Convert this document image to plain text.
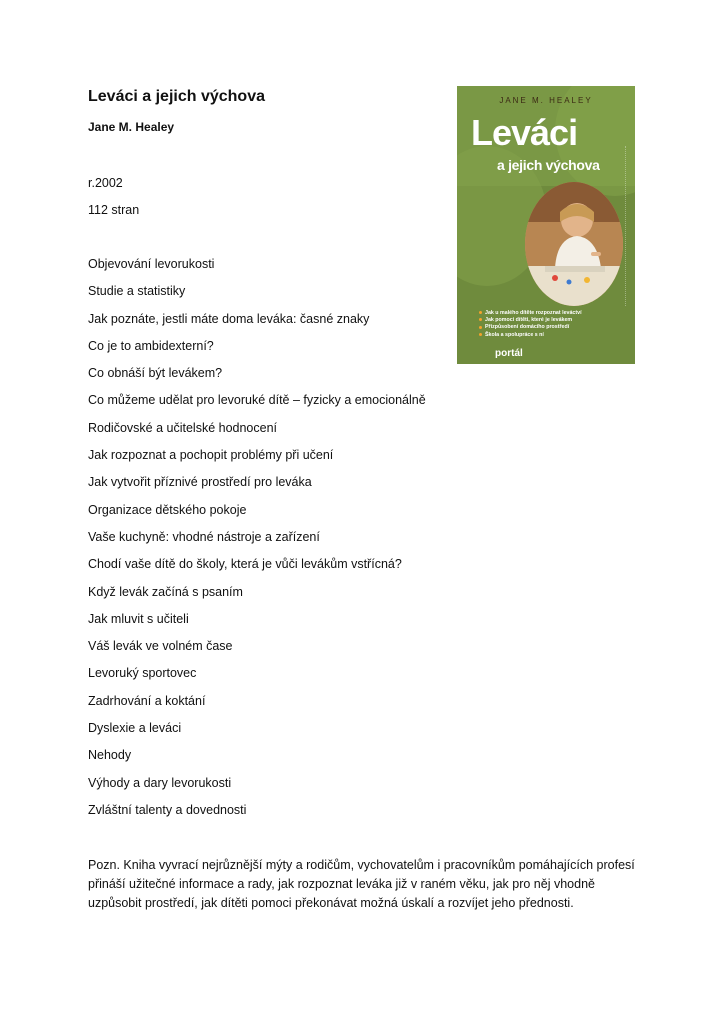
Leváci a jejich výchova
Jane M. Healey
r.2002
112 stran
Objevování levorukosti
Studie a statistiky
Jak poznáte, jestli máte doma leváka: časné znaky
Co je to ambidexterní?
Co obnáší být levákem?
Co můžeme udělat pro levoruké dítě – fyzicky a emocionálně
Rodičovské a učitelské hodnocení
Jak rozpoznat a pochopit problémy při učení
Jak vytvořit příznivé prostředí pro leváka
Organizace dětského pokoje
Vaše kuchyně: vhodné nástroje a zařízení
Chodí vaše dítě do školy, která je vůči levákům vstřícná?
Když levák začíná s psaním
Jak mluvit s učiteli
Váš levák ve volném čase
Levoruký sportovec
Zadrhování a koktání
Dyslexie a leváci
Nehody
Výhody a dary levorukosti
Zvláštní talenty a dovednosti
Pozn. Kniha vyvrací nejrůznější mýty a rodičům, vychovatelům i pracovníkům pomáhajících profesí přináší užitečné informace a rady, jak rozpoznat leváka již v raném věku, jak pro něj vhodně uzpůsobit prostředí, jak dítěti pomoci překonávat možná úskalí a rozvíjet jeho přednosti.
JANE M. HEALEY
Leváci
a jejich výchova
Jak u malého dítěte rozpoznat leváctví
Jak pomoci dítěti, které je levákem
Přizpůsobení domácího prostředí
Škola a spolupráce s ní
portál
